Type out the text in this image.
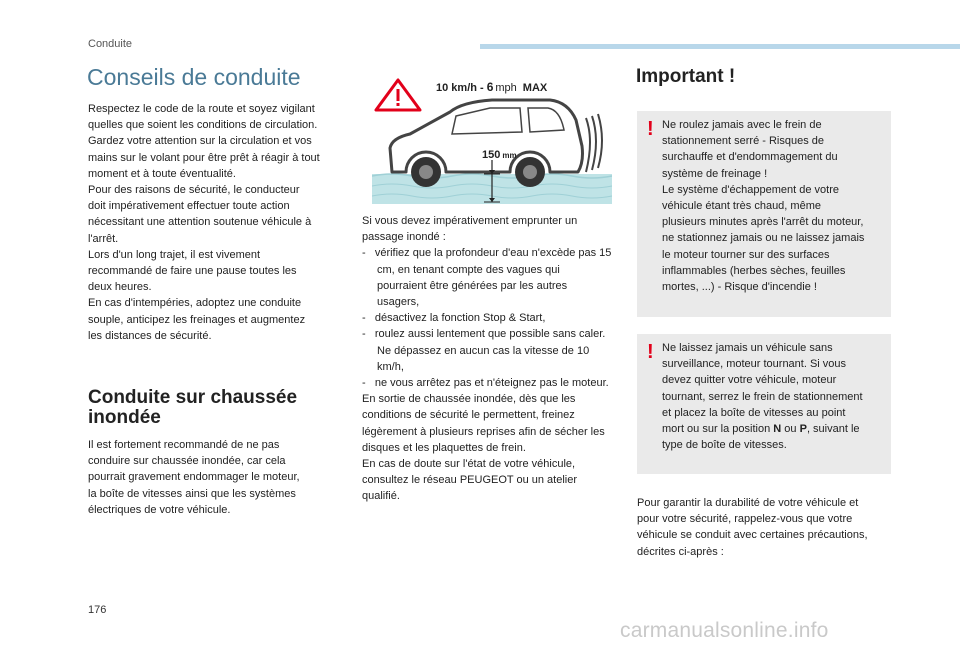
Conduite
Conseils de conduite
Respectez le code de la route et soyez vigilant
quelles que soient les conditions de circulation.
Gardez votre attention sur la circulation et vos
mains sur le volant pour être prêt à réagir à tout
moment et à toute éventualité.
Pour des raisons de sécurité, le conducteur
doit impérativement effectuer toute action
nécessitant une attention soutenue véhicule à
l'arrêt.
Lors d'un long trajet, il est vivement
recommandé de faire une pause toutes les
deux heures.
En cas d'intempéries, adoptez une conduite
souple, anticipez les freinages et augmentez
les distances de sécurité.
Conduite sur chaussée
inondée
Il est fortement recommandé de ne pas
conduire sur chaussée inondée, car cela
pourrait gravement endommager le moteur,
la boîte de vitesses ainsi que les systèmes
électriques de votre véhicule.
10 km/h - 6 mph MAX
150 mm
Si vous devez impérativement emprunter un passage inondé :
-   vérifiez que la profondeur d'eau n'excède pas 15 cm, en tenant compte des vagues qui pourraient être générées par les autres usagers,
-   désactivez la fonction Stop & Start,
-   roulez aussi lentement que possible sans caler. Ne dépassez en aucun cas la vitesse de 10 km/h,
-   ne vous arrêtez pas et n'éteignez pas le moteur.
En sortie de chaussée inondée, dès que les conditions de sécurité le permettent, freinez légèrement à plusieurs reprises afin de sécher les disques et les plaquettes de frein.
En cas de doute sur l'état de votre véhicule, consultez le réseau PEUGEOT ou un atelier qualifié.
Important !
! Ne roulez jamais avec le frein de
stationnement serré - Risques de
surchauffe et d'endommagement du
système de freinage !
Le système d'échappement de votre
véhicule étant très chaud, même
plusieurs minutes après l'arrêt du moteur,
ne stationnez jamais ou ne laissez jamais
le moteur tourner sur des surfaces
inflammables (herbes sèches, feuilles
mortes, ...) - Risque d'incendie !
! Ne laissez jamais un véhicule sans
surveillance, moteur tournant. Si vous
devez quitter votre véhicule, moteur
tournant, serrez le frein de stationnement
et placez la boîte de vitesses au point
mort ou sur la position N ou P, suivant le
type de boîte de vitesses.
Pour garantir la durabilité de votre véhicule et
pour votre sécurité, rappelez-vous que votre
véhicule se conduit avec certaines précautions,
décrites ci-après :
176
carmanualsonline.info
